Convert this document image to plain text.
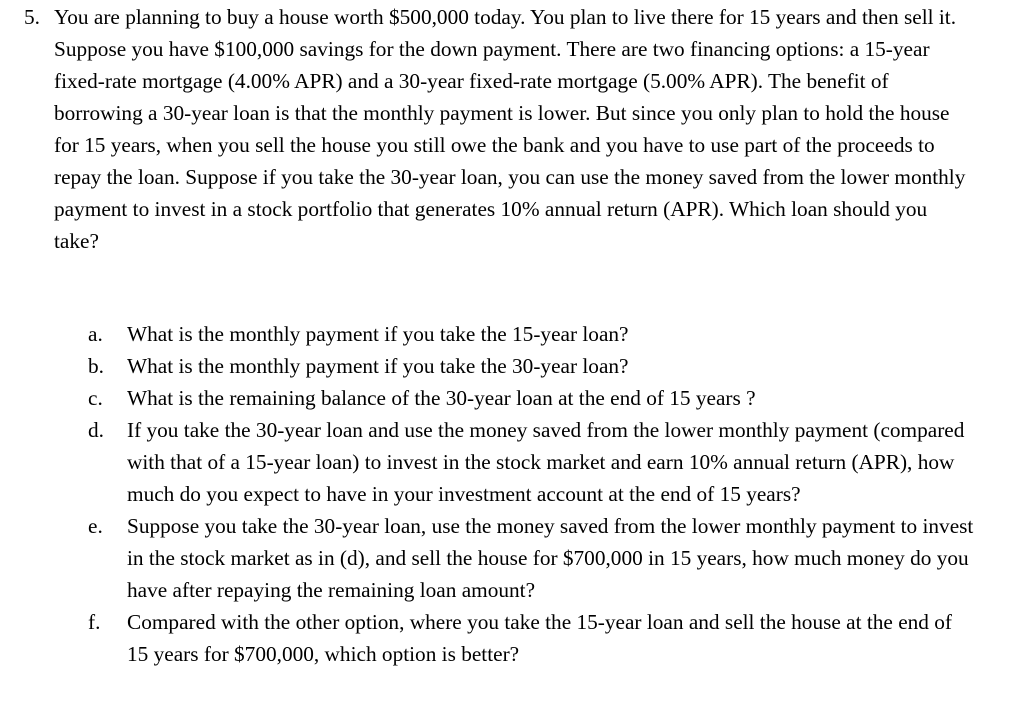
5. You are planning to buy a house worth $500,000 today. You plan to live there for 15 years and then sell it. Suppose you have $100,000 savings for the down payment. There are two financing options: a 15-year fixed-rate mortgage (4.00% APR) and a 30-year fixed-rate mortgage (5.00% APR). The benefit of borrowing a 30-year loan is that the monthly payment is lower. But since you only plan to hold the house for 15 years, when you sell the house you still owe the bank and you have to use part of the proceeds to repay the loan. Suppose if you take the 30-year loan, you can use the money saved from the lower monthly payment to invest in a stock portfolio that generates 10% annual return (APR). Which loan should you take?
a.	What is the monthly payment if you take the 15-year loan?
b.	What is the monthly payment if you take the 30-year loan?
c.	What is the remaining balance of the 30-year loan at the end of 15 years ?
d.	If you take the 30-year loan and use the money saved from the lower monthly payment (compared with that of a 15-year loan) to invest in the stock market and earn 10% annual return (APR), how much do you expect to have in your investment account at the end of 15 years?
e.	Suppose you take the 30-year loan, use the money saved from the lower monthly payment to invest in the stock market as in (d), and sell the house for $700,000 in 15 years, how much money do you have after repaying the remaining loan amount?
f.	Compared with the other option, where you take the 15-year loan and sell the house at the end of 15 years for $700,000, which option is better?
